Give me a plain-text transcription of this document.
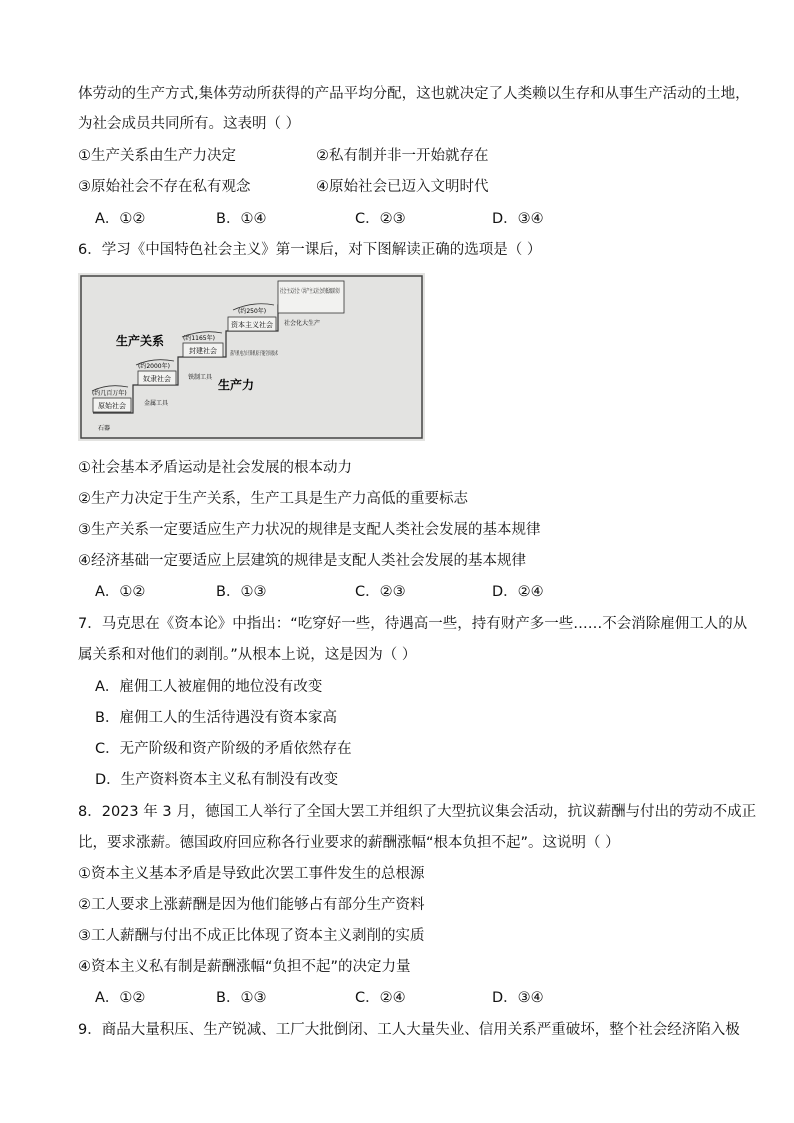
体劳动的生产方式,集体劳动所获得的产品平均分配，这也就决定了人类赖以生存和从事生产活动的土地，
为社会成员共同所有。这表明（ ）
①生产关系由生产力决定	②私有制并非一开始就存在
③原始社会不存在私有观念	④原始社会已迈入文明时代
A．①②	B．①④	C．②③	D．③④
6．学习《中国特色社会主义》第一课后，对下图解读正确的选项是（ ）
原始社会
奴隶社会
封建社会
资本主义社会
社会主义社会（共产主义社会的低级阶段）
(约几百万年)
(约2000年)
(约1165年)
(约250年)
生产关系
生产力
石器
金属工具
铁制工具
蒸汽机电力计算机原子能空间技术
社会化大生产
①社会基本矛盾运动是社会发展的根本动力
②生产力决定于生产关系，生产工具是生产力高低的重要标志
③生产关系一定要适应生产力状况的规律是支配人类社会发展的基本规律
④经济基础一定要适应上层建筑的规律是支配人类社会发展的基本规律
A．①②	B．①③	C．②③	D．②④
7．马克思在《资本论》中指出：“吃穿好一些，待遇高一些，持有财产多一些……不会消除雇佣工人的从
属关系和对他们的剥削。”从根本上说，这是因为（ ）
A．雇佣工人被雇佣的地位没有改变
B．雇佣工人的生活待遇没有资本家高
C．无产阶级和资产阶级的矛盾依然存在
D．生产资料资本主义私有制没有改变
8．2023 年 3 月，德国工人举行了全国大罢工并组织了大型抗议集会活动，抗议薪酬与付出的劳动不成正
比，要求涨薪。德国政府回应称各行业要求的薪酬涨幅“根本负担不起”。这说明（ ）
①资本主义基本矛盾是导致此次罢工事件发生的总根源
②工人要求上涨薪酬是因为他们能够占有部分生产资料
③工人薪酬与付出不成正比体现了资本主义剥削的实质
④资本主义私有制是薪酬涨幅“负担不起”的决定力量
A．①②	B．①③	C．②④	D．③④
9．商品大量积压、生产锐减、工厂大批倒闭、工人大量失业、信用关系严重破坏，整个社会经济陷入极
